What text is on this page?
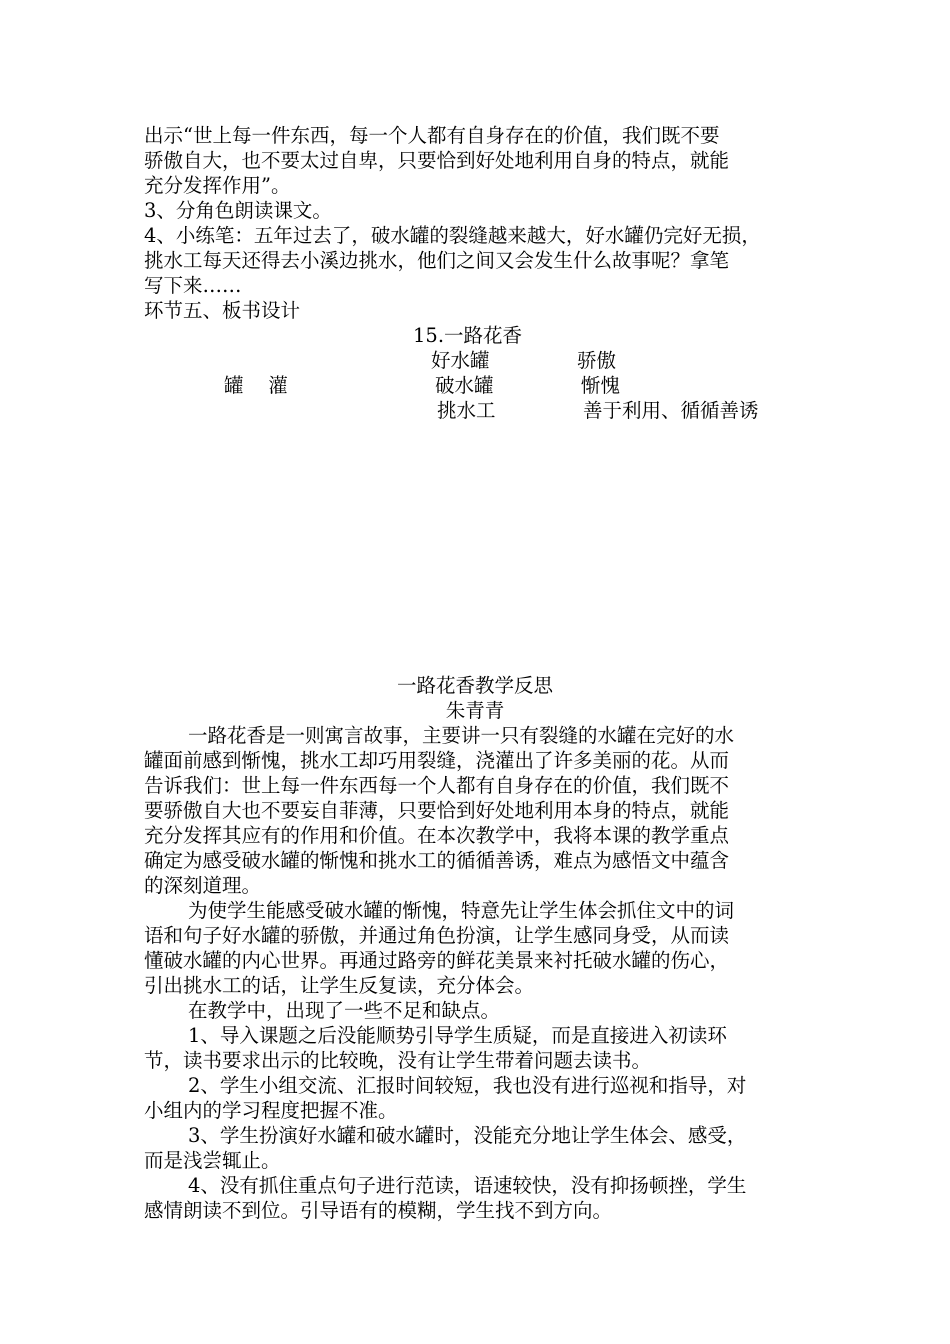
出示“世上每一件东西，每一个人都有自身存在的价值，我们既不要
骄傲自大，也不要太过自卑，只要恰到好处地利用自身的特点，就能
充分发挥作用”。
3、分角色朗读课文。
4、小练笔：五年过去了，破水罐的裂缝越来越大，好水罐仍完好无损，
挑水工每天还得去小溪边挑水，他们之间又会发生什么故事呢？拿笔
写下来……
环节五、板书设计
15.一路花香
好水罐	骄傲
罐    灌	破水罐	惭愧
挑水工	善于利用、循循善诱
一路花香教学反思
朱青青
一路花香是一则寓言故事，主要讲一只有裂缝的水罐在完好的水
罐面前感到惭愧，挑水工却巧用裂缝，浇灌出了许多美丽的花。从而
告诉我们：世上每一件东西每一个人都有自身存在的价值，我们既不
要骄傲自大也不要妄自菲薄，只要恰到好处地利用本身的特点，就能
充分发挥其应有的作用和价值。在本次教学中，我将本课的教学重点
确定为感受破水罐的惭愧和挑水工的循循善诱，难点为感悟文中蕴含
的深刻道理。
为使学生能感受破水罐的惭愧，特意先让学生体会抓住文中的词
语和句子好水罐的骄傲，并通过角色扮演，让学生感同身受，从而读
懂破水罐的内心世界。再通过路旁的鲜花美景来衬托破水罐的伤心，
引出挑水工的话，让学生反复读，充分体会。
在教学中，出现了一些不足和缺点。
1、导入课题之后没能顺势引导学生质疑，而是直接进入初读环
节，读书要求出示的比较晚，没有让学生带着问题去读书。
2、学生小组交流、汇报时间较短，我也没有进行巡视和指导，对
小组内的学习程度把握不准。
3、学生扮演好水罐和破水罐时，没能充分地让学生体会、感受，
而是浅尝辄止。
4、没有抓住重点句子进行范读，语速较快，没有抑扬顿挫，学生
感情朗读不到位。引导语有的模糊，学生找不到方向。
